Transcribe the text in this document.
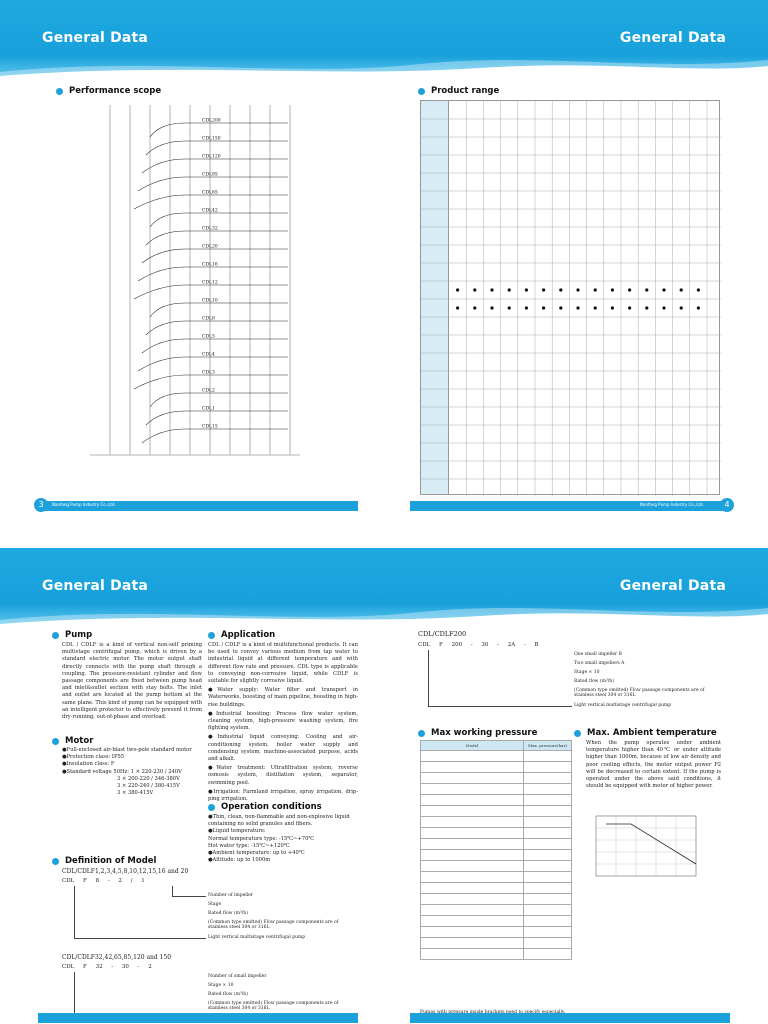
General Data	General Data
Performance scope	Product range
CDL200
CDL150
CDL120
CDL85
CDL65
CDL42
CDL32
CDL20
CDL16
CDL12
CDL10
CDL8
CDL5
CDL4
CDL3
CDL2
CDL1
CDL15
3	4
Nanfang Pump Industry Co.,Ltd.	Nanfang Pump Industry Co.,Ltd.
General Data	General Data
Pump

CDL / CDLF is a kind of vertical non-self priming multistage centrifugal pump, which is driven by a standard electric motor. The motor output shaft directly connects with the pump shaft through a coupling. The pressure-resistant cylinder and flow passage components are fixed between pump head and inlet&outlet section with stay bolts. The inlet and outlet are located at the pump bottom at the same plane. This kind of pump can be equipped with an intelligent protector to effectively prevent it from dry-running, out-of-phase and overload.

Motor
●Full-enclosed air-blast two-pole standard motor
●Protection class: IP55
●Insulation class: F
●Standard voltage 50Hz: 1 × 220-230 / 240V
3 × 200-220 / 346-380V
3 × 220-240 / 380-415V
3 × 380-415V
Definition of Model
CDL/CDLF1,2,3,4,5,8,10,12,15,16 and 20
CDL     F     8     -     2     /     1
Number of impeller
Stage
Rated flow (m³/h)
(Common type omitted) Flow passage components are of stainless steel 304 or 316L
Light vertical multistage centrifugal pump
CDL/CDLF32,42,65,85,120 and 150
CDL     F     32     -     30     -     2
Number of small impeller
Stage × 10
Rated flow (m³/h)
(Common type omitted) Flow passage components are of stainless steel 304 or 316L
Application

CDL / CDLF is a kind of multifunctional products. It can be used to convey various medium from tap water to industrial liquid at different temperature and with different flow rate and pressure. CDL type is applicable to conveying non-corrosive liquid, while CDLF is suitable for slightly corrosive liquid.

●Water supply: Water filter and transport in Waterworks, boosting of main pipeline, boosting in high-rise buildings.

●Industrial boosting: Process flow water system, cleaning system, high-pressure washing system, fire fighting system.

●Industrial liquid conveying: Cooling and air-conditioning system, boiler water supply and condensing system, machine-associated purpose, acids and alkali.

●Water treatment: Ultrafiltration system, reverse osmosis system, distillation system, separator, swimming pool.

●Irrigation: Farmland irrigation, spray irrigation, drip-ping irrigation.

Operation conditions
●Thin, clean, non-flammable and non-explosive liquid containing no solid granules and fibers.
●Liquid temperature:
Normal temperature type: -15℃~+70℃
Hot water type: -15℃~+120℃
●Ambient temperature: up to +40℃
●Altitude: up to 1000m
CDL/CDLF200
CDL     F     200     -     30     -     2A     -     B
One small impeller B
Two small impellers A
Stage × 10
Rated flow (m³/h)
(Common type omitted) Flow passage components are of stainless steel 304 or 316L
Light vertical multistage centrifugal pump
Max working pressure
Model	Max. pressure(bar)

Max. Ambient temperature

When the pump operates under ambient temperature higher than 40℃ or under altitude higher than 1000m, because of low air density and poor cooling effects, the motor output power P2 will be decreased to certain extent. If the pump is operated under the above said conditions, it should be equipped with motor of higher power.
